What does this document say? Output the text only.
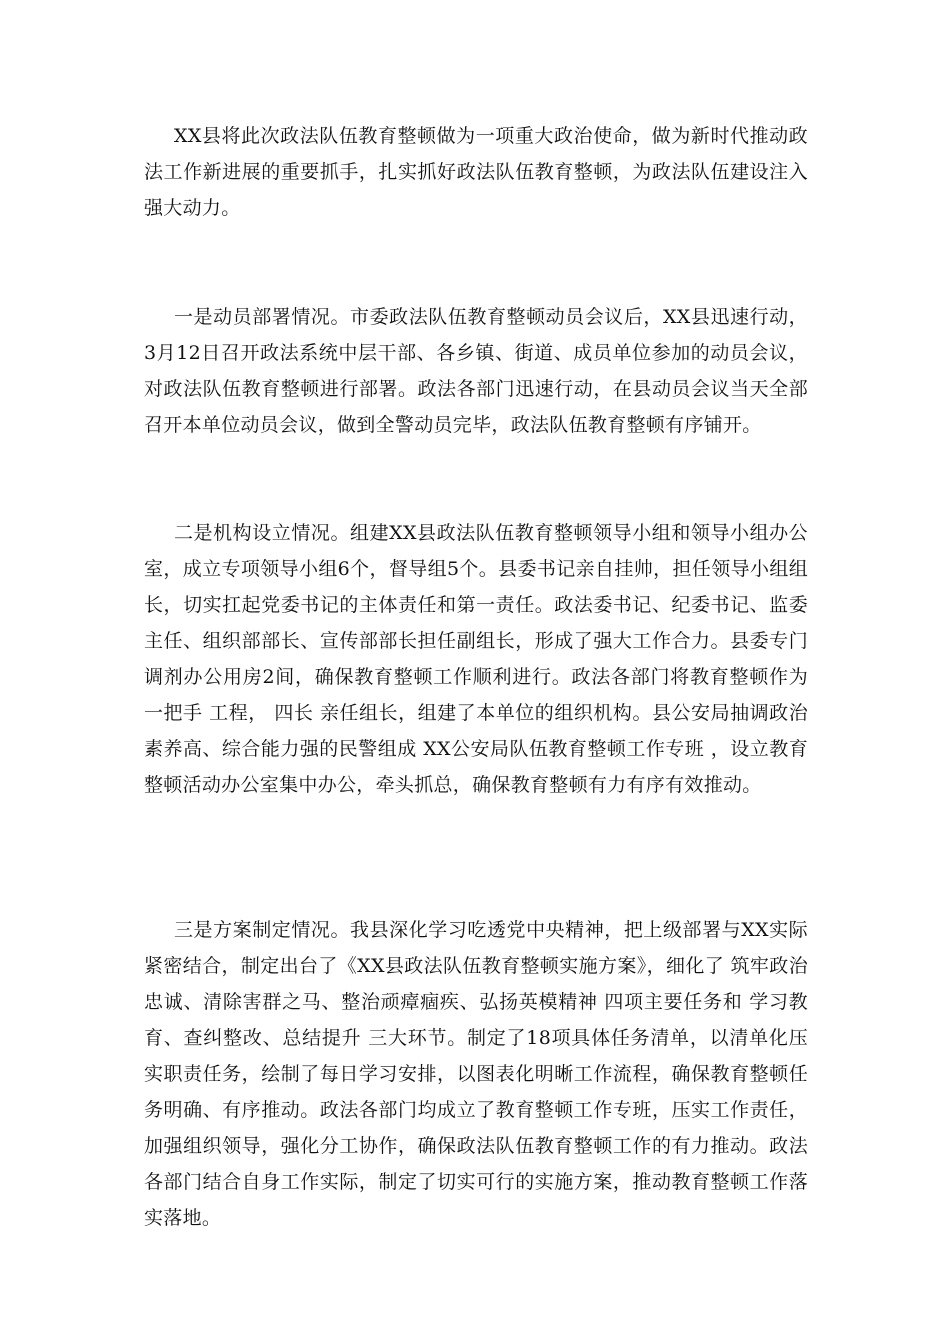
XX县将此次政法队伍教育整顿做为一项重大政治使命，做为新时代推动政法工作新进展的重要抓手，扎实抓好政法队伍教育整顿，为政法队伍建设注入强大动力。

一是动员部署情况。市委政法队伍教育整顿动员会议后，XX县迅速行动，3月12日召开政法系统中层干部、各乡镇、街道、成员单位参加的动员会议，对政法队伍教育整顿进行部署。政法各部门迅速行动，在县动员会议当天全部召开本单位动员会议，做到全警动员完毕，政法队伍教育整顿有序铺开。

二是机构设立情况。组建XX县政法队伍教育整顿领导小组和领导小组办公室，成立专项领导小组6个，督导组5个。县委书记亲自挂帅，担任领导小组组长，切实扛起党委书记的主体责任和第一责任。政法委书记、纪委书记、监委主任、组织部部长、宣传部部长担任副组长，形成了强大工作合力。县委专门调剂办公用房2间，确保教育整顿工作顺利进行。政法各部门将教育整顿作为 一把手 工程， 四长 亲任组长，组建了本单位的组织机构。县公安局抽调政治素养高、综合能力强的民警组成 XX公安局队伍教育整顿工作专班 ，设立教育整顿活动办公室集中办公，牵头抓总，确保教育整顿有力有序有效推动。

三是方案制定情况。我县深化学习吃透党中央精神，把上级部署与XX实际紧密结合，制定出台了《XX县政法队伍教育整顿实施方案》，细化了 筑牢政治忠诚、清除害群之马、整治顽瘴痼疾、弘扬英模精神 四项主要任务和 学习教育、查纠整改、总结提升 三大环节。制定了18项具体任务清单，以清单化压实职责任务，绘制了每日学习安排，以图表化明晰工作流程，确保教育整顿任务明确、有序推动。政法各部门均成立了教育整顿工作专班，压实工作责任，加强组织领导，强化分工协作，确保政法队伍教育整顿工作的有力推动。政法各部门结合自身工作实际，制定了切实可行的实施方案，推动教育整顿工作落实落地。
